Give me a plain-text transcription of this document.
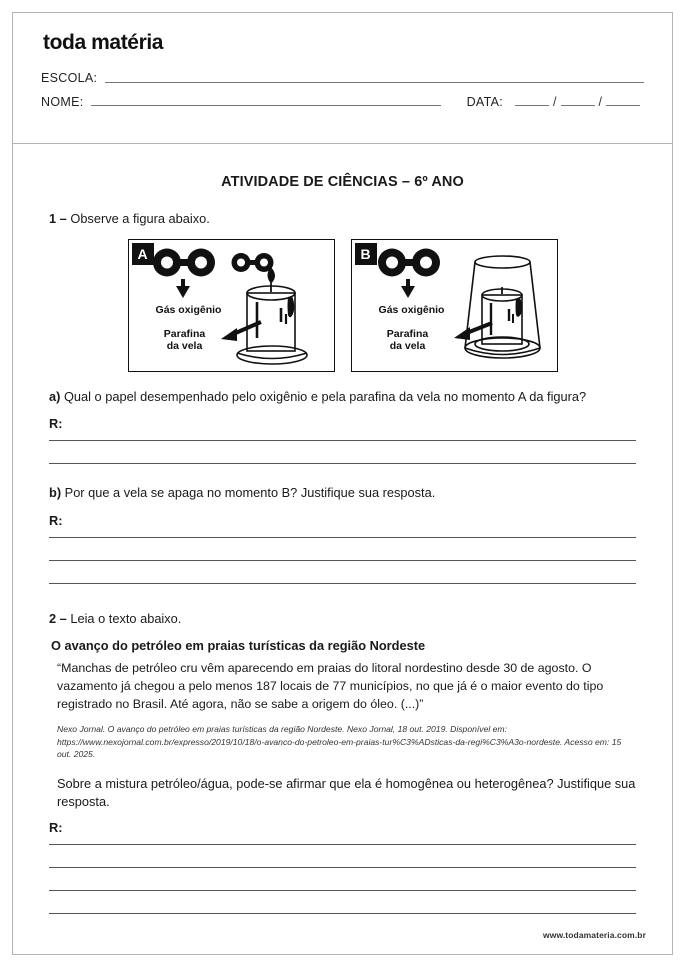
toda matéria
ESCOLA:
NOME:	DATA:	/	/
ATIVIDADE DE CIÊNCIAS – 6º ANO

1 – Observe a figura abaixo.

A
Gás oxigênio
Parafina
da vela
B
Gás oxigênio
Parafina
da vela

a) Qual o papel desempenhado pelo oxigênio e pela parafina da vela no momento A da figura?

R:

b) Por que a vela se apaga no momento B? Justifique sua resposta.

R:

2 – Leia o texto abaixo.

O avanço do petróleo em praias turísticas da região Nordeste
“Manchas de petróleo cru vêm aparecendo em praias do litoral nordestino desde 30 de agosto. O vazamento já chegou a pelo menos 187 locais de 77 municípios, no que já é o maior evento do tipo registrado no Brasil. Até agora, não se sabe a origem do óleo. (...)”
Nexo Jornal. O avanço do petróleo em praias turísticas da região Nordeste. Nexo Jornal, 18 out. 2019. Disponível em: https://www.nexojornal.com.br/expresso/2019/10/18/o-avanco-do-petroleo-em-praias-tur%C3%ADsticas-da-regi%C3%A3o-nordeste. Acesso em: 15 out. 2025.
Sobre a mistura petróleo/água, pode-se afirmar que ela é homogênea ou heterogênea? Justifique sua resposta.
R:
www.todamateria.com.br
